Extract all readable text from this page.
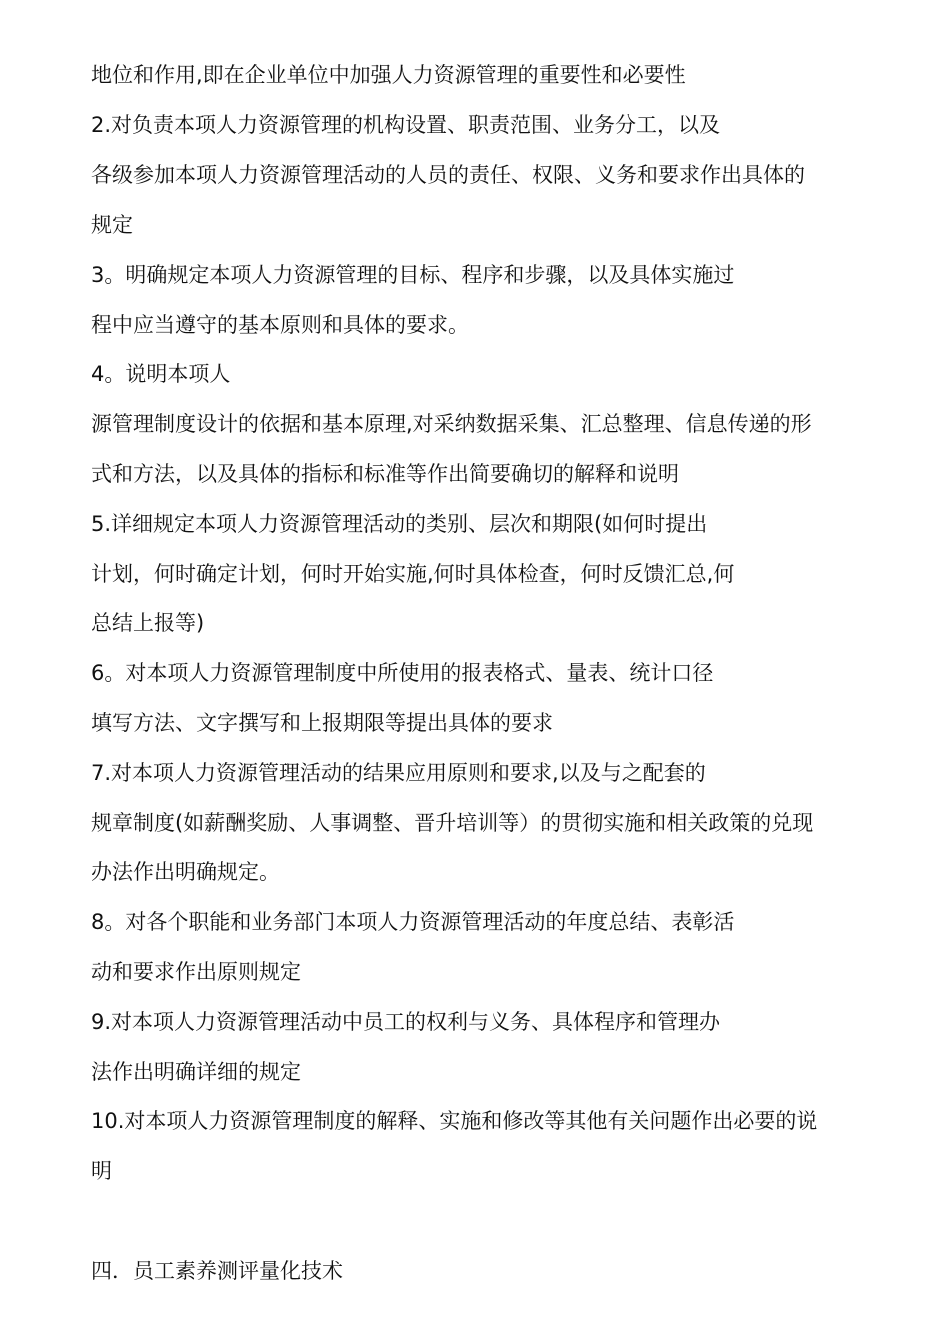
地位和作用,即在企业单位中加强人力资源管理的重要性和必要性
2.对负责本项人力资源管理的机构设置、职责范围、业务分工，以及
各级参加本项人力资源管理活动的人员的责任、权限、义务和要求作出具体的
规定
3。明确规定本项人力资源管理的目标、程序和步骤，以及具体实施过
程中应当遵守的基本原则和具体的要求。
4。说明本项人
源管理制度设计的依据和基本原理,对采纳数据采集、汇总整理、信息传递的形
式和方法，以及具体的指标和标准等作出简要确切的解释和说明
5.详细规定本项人力资源管理活动的类别、层次和期限(如何时提出
计划，何时确定计划，何时开始实施,何时具体检查，何时反馈汇总,何
总结上报等)
6。对本项人力资源管理制度中所使用的报表格式、量表、统计口径
填写方法、文字撰写和上报期限等提出具体的要求
7.对本项人力资源管理活动的结果应用原则和要求,以及与之配套的
规章制度(如薪酬奖励、人事调整、晋升培训等）的贯彻实施和相关政策的兑现
办法作出明确规定。
8。对各个职能和业务部门本项人力资源管理活动的年度总结、表彰活
动和要求作出原则规定
9.对本项人力资源管理活动中员工的权利与义务、具体程序和管理办
法作出明确详细的规定
10.对本项人力资源管理制度的解释、实施和修改等其他有关问题作出必要的说
明
四．员工素养测评量化技术
